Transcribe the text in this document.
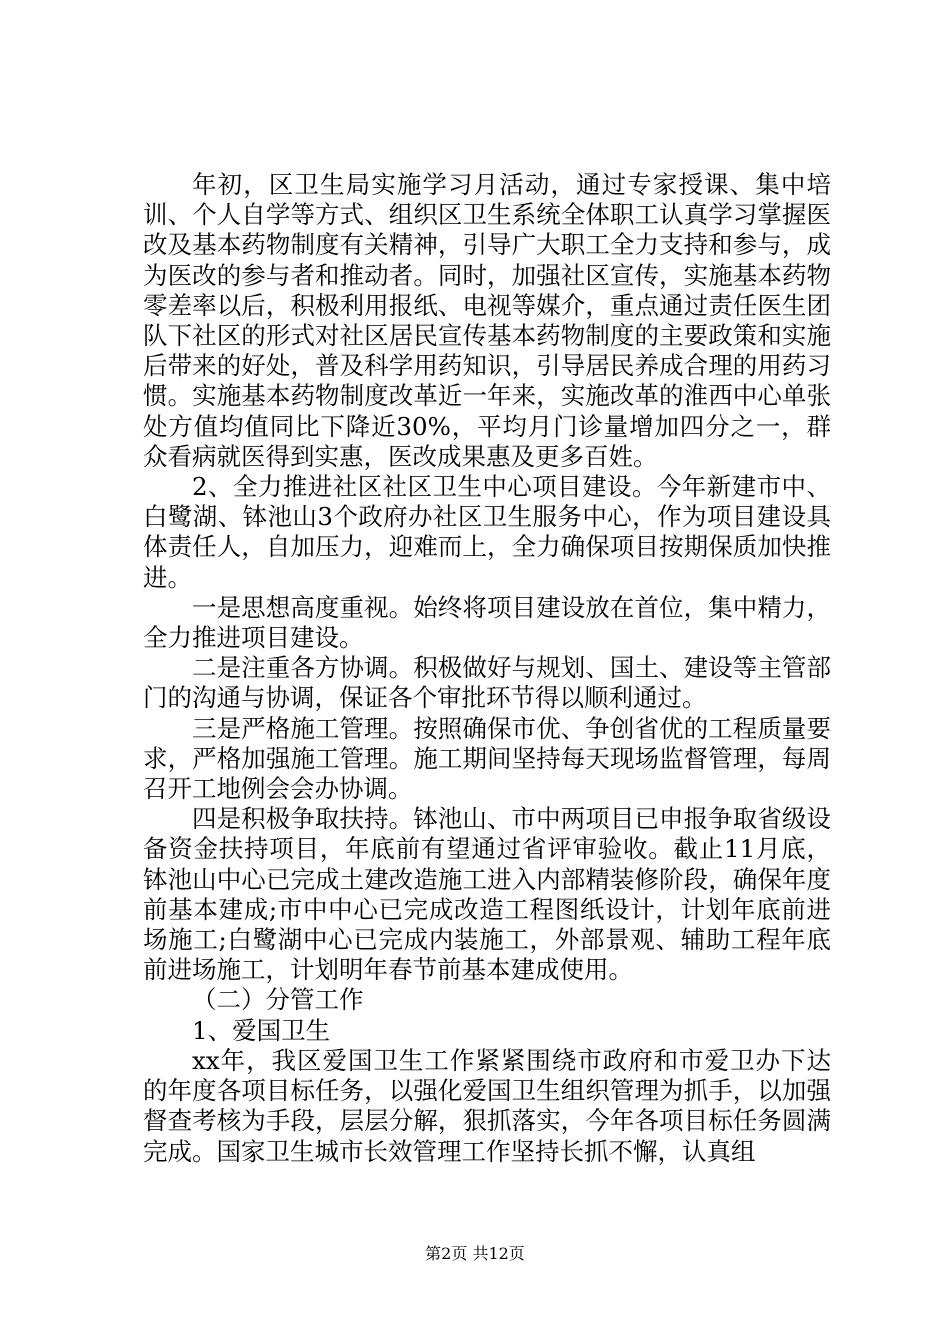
年初，区卫生局实施学习月活动，通过专家授课、集中培训、个人自学等方式、组织区卫生系统全体职工认真学习掌握医改及基本药物制度有关精神，引导广大职工全力支持和参与，成为医改的参与者和推动者。同时，加强社区宣传，实施基本药物零差率以后，积极利用报纸、电视等媒介，重点通过责任医生团队下社区的形式对社区居民宣传基本药物制度的主要政策和实施后带来的好处，普及科学用药知识，引导居民养成合理的用药习惯。实施基本药物制度改革近一年来，实施改革的淮西中心单张处方值均值同比下降近30%，平均月门诊量增加四分之一，群众看病就医得到实惠，医改成果惠及更多百姓。

2、全力推进社区社区卫生中心项目建设。今年新建市中、白鹭湖、钵池山3个政府办社区卫生服务中心，作为项目建设具体责任人，自加压力，迎难而上，全力确保项目按期保质加快推进。

一是思想高度重视。始终将项目建设放在首位，集中精力，全力推进项目建设。

二是注重各方协调。积极做好与规划、国土、建设等主管部门的沟通与协调，保证各个审批环节得以顺利通过。

三是严格施工管理。按照确保市优、争创省优的工程质量要求，严格加强施工管理。施工期间坚持每天现场监督管理，每周召开工地例会会办协调。

四是积极争取扶持。钵池山、市中两项目已申报争取省级设备资金扶持项目，年底前有望通过省评审验收。截止11月底，钵池山中心已完成土建改造施工进入内部精装修阶段，确保年度前基本建成;市中中心已完成改造工程图纸设计，计划年底前进场施工;白鹭湖中心已完成内装施工，外部景观、辅助工程年底前进场施工，计划明年春节前基本建成使用。

（二）分管工作

1、爱国卫生

xx年，我区爱国卫生工作紧紧围绕市政府和市爱卫办下达的年度各项目标任务，以强化爱国卫生组织管理为抓手，以加强督查考核为手段，层层分解，狠抓落实，今年各项目标任务圆满完成。国家卫生城市长效管理工作坚持长抓不懈，认真组

第2页 共12页
